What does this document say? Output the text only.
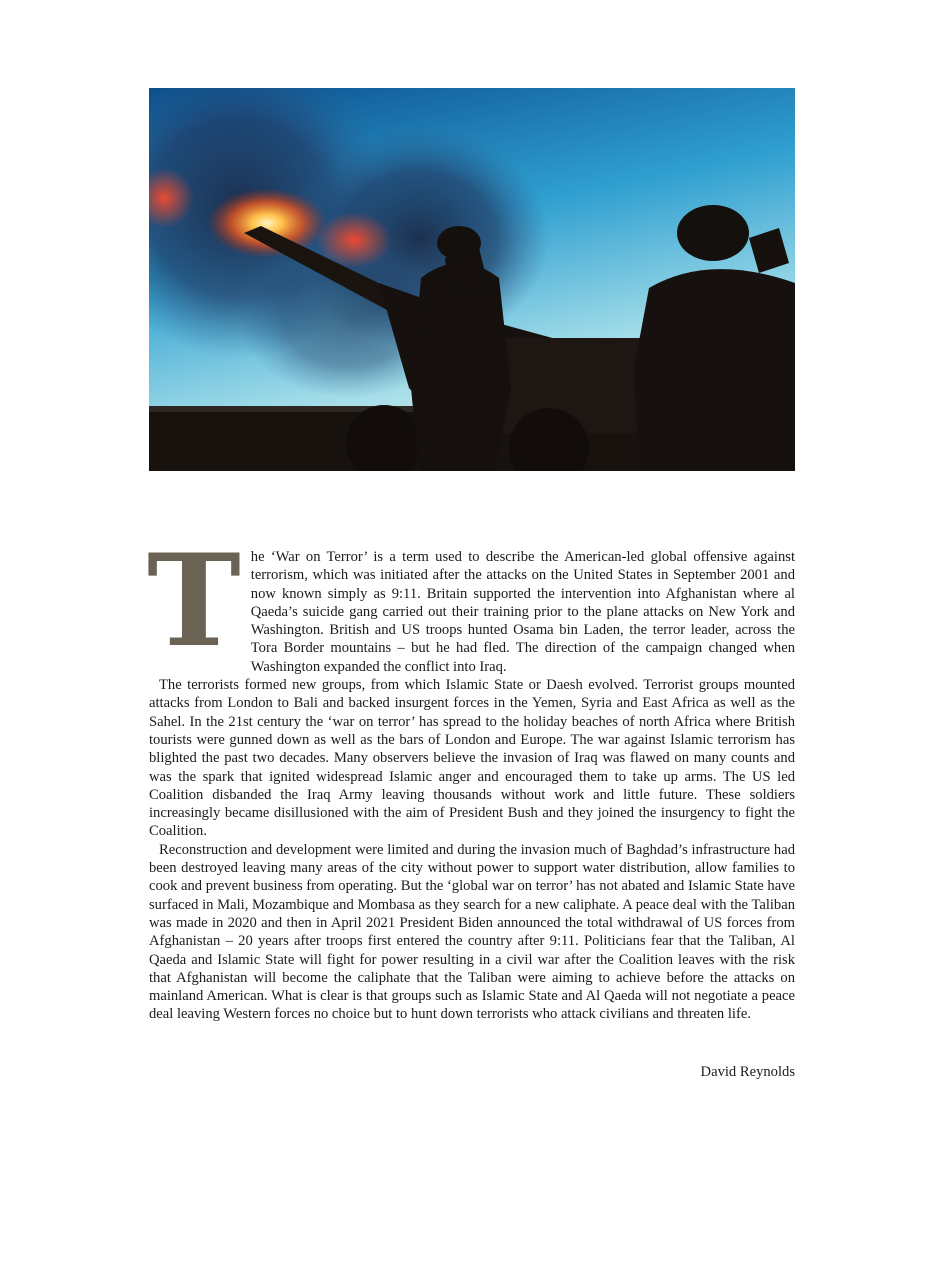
T he ‘War on Terror’ is a term used to describe the American-led global offensive against terrorism, which was initiated after the attacks on the United States in September 2001 and now known simply as 9:11. Britain supported the intervention into Afghanistan where al Qaeda’s suicide gang carried out their training prior to the plane attacks on New York and Washington. British and US troops hunted Osama bin Laden, the terror leader, across the Tora Border mountains – but he had fled. The direction of the campaign changed when Washington expanded the conflict into Iraq.

The terrorists formed new groups, from which Islamic State or Daesh evolved. Terrorist groups mounted attacks from London to Bali and backed insurgent forces in the Yemen, Syria and East Africa as well as the Sahel. In the 21st century the ‘war on terror’ has spread to the holiday beaches of north Africa where British tourists were gunned down as well as the bars of London and Europe. The war against Islamic terrorism has blighted the past two decades. Many observers believe the invasion of Iraq was flawed on many counts and was the spark that ignited widespread Islamic anger and encouraged them to take up arms. The US led Coalition disbanded the Iraq Army leaving thousands without work and little future. These soldiers increasingly became disillusioned with the aim of President Bush and they joined the insurgency to fight the Coalition.

Reconstruction and development were limited and during the invasion much of Baghdad’s infrastructure had been destroyed leaving many areas of the city without power to support water distribution, allow families to cook and prevent business from operating. But the ‘global war on terror’ has not abated and Islamic State have surfaced in Mali, Mozambique and Mombasa as they search for a new caliphate. A peace deal with the Taliban was made in 2020 and then in April 2021 President Biden announced the total withdrawal of US forces from Afghanistan – 20 years after troops first entered the country after 9:11. Politicians fear that the Taliban, Al Qaeda and Islamic State will fight for power resulting in a civil war after the Coalition leaves with the risk that Afghanistan will become the caliphate that the Taliban were aiming to achieve before the attacks on mainland American. What is clear is that groups such as Islamic State and Al Qaeda will not negotiate a peace deal leaving Western forces no choice but to hunt down terrorists who attack civilians and threaten life.

David Reynolds
